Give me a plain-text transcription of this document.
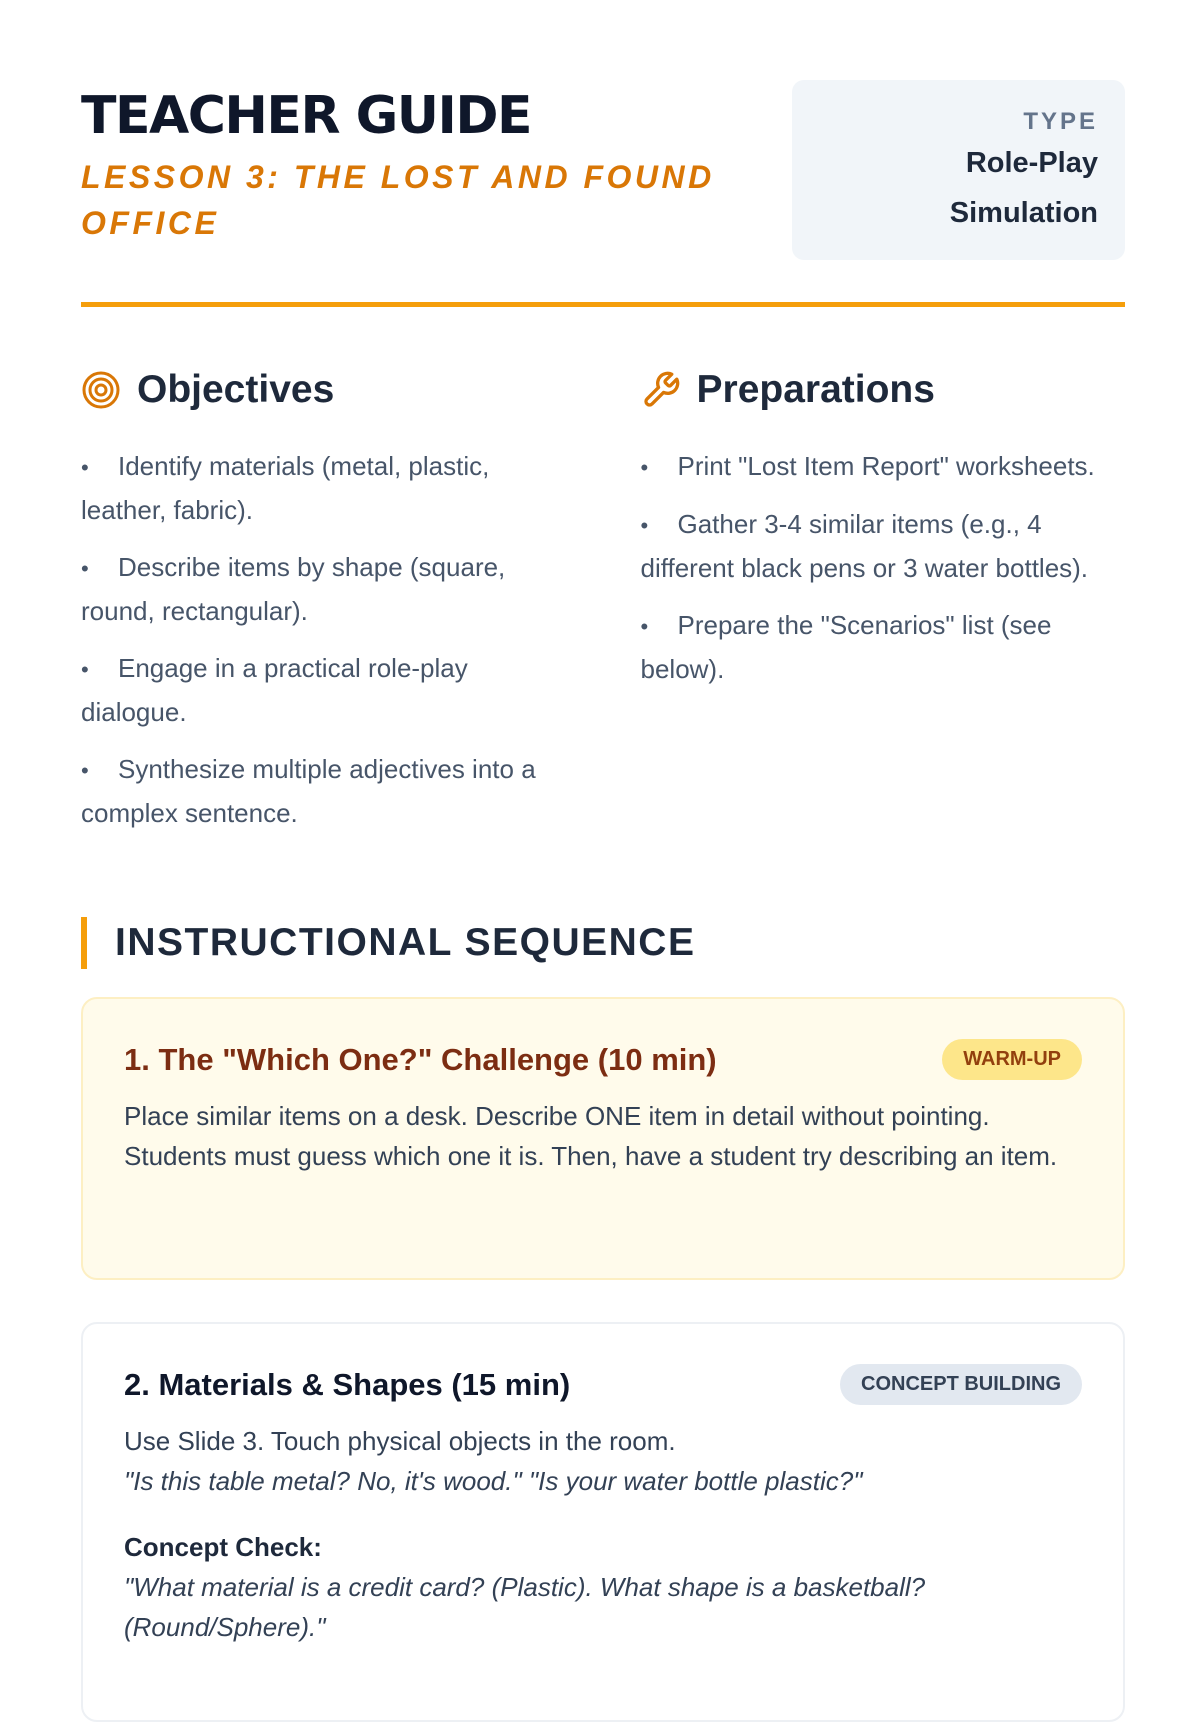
TEACHER GUIDE
LESSON 3: THE LOST AND FOUND OFFICE
TYPE
Role-Play
Simulation
Objectives
• Identify materials (metal, plastic, leather, fabric).
• Describe items by shape (square, round, rectangular).
• Engage in a practical role-play dialogue.
• Synthesize multiple adjectives into a complex sentence.
Preparations
• Print "Lost Item Report" worksheets.
• Gather 3-4 similar items (e.g., 4 different black pens or 3 water bottles).
• Prepare the "Scenarios" list (see below).
INSTRUCTIONAL SEQUENCE
1. The "Which One?" Challenge (10 min)	WARM-UP

Place similar items on a desk. Describe ONE item in detail without pointing. Students must guess which one it is. Then, have a student try describing an item.

2. Materials & Shapes (15 min)	CONCEPT BUILDING

Use Slide 3. Touch physical objects in the room.

"Is this table metal? No, it's wood." "Is your water bottle plastic?"

Concept Check:

"What material is a credit card? (Plastic). What shape is a basketball? (Round/Sphere)."
